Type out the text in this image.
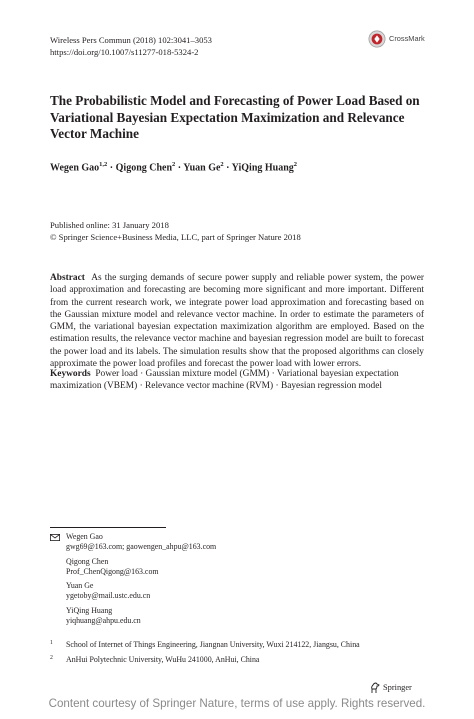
Wireless Pers Commun (2018) 102:3041–3053
https://doi.org/10.1007/s11277-018-5324-2
CrossMark
The Probabilistic Model and Forecasting of Power Load Based on Variational Bayesian Expectation Maximization and Relevance Vector Machine
Wegen Gao$^{1,2}$ · Qigong Chen$^2$ · Yuan $Ge^2$ · YiQing Huang$^2$
Published online: 31 January 2018
© Springer Science+Business Media, LLC, part of Springer Nature 2018
Abstract As the surging demands of secure power supply and reliable power system, the power load approximation and forecasting are becoming more significant and more important. Different from the current research work, we integrate power load approximation and forecasting based on the Gaussian mixture model and relevance vector machine. In order to estimate the parameters of GMM, the variational bayesian expectation maximization algorithm are employed. Based on the estimation results, the relevance vector machine and bayesian regression model are built to forecast the power load and its labels. The simulation results show that the proposed algorithms can closely approximate the power load profiles and forecast the power load with lower errors.
Keywords Power load · Gaussian mixture model (GMM) · Variational bayesian expectation maximization (VBEM) · Relevance vector machine (RVM) · Bayesian regression model
Wegen Gao
gwg69@163.com; gaowengen_ahpu@163.com
Qigong Chen
Prof_ChenQigong@163.com
Yuan Ge
ygetoby@mail.ustc.edu.cn
YiQing Huang
yiqhuang@ahpu.edu.cn
1 School of Internet of Things Engineering, Jiangnan University, Wuxi 214122, Jiangsu, China
2 AnHui Polytechnic University, WuHu 241000, AnHui, China
Springer
Content courtesy of Springer Nature, terms of use apply. Rights reserved.
